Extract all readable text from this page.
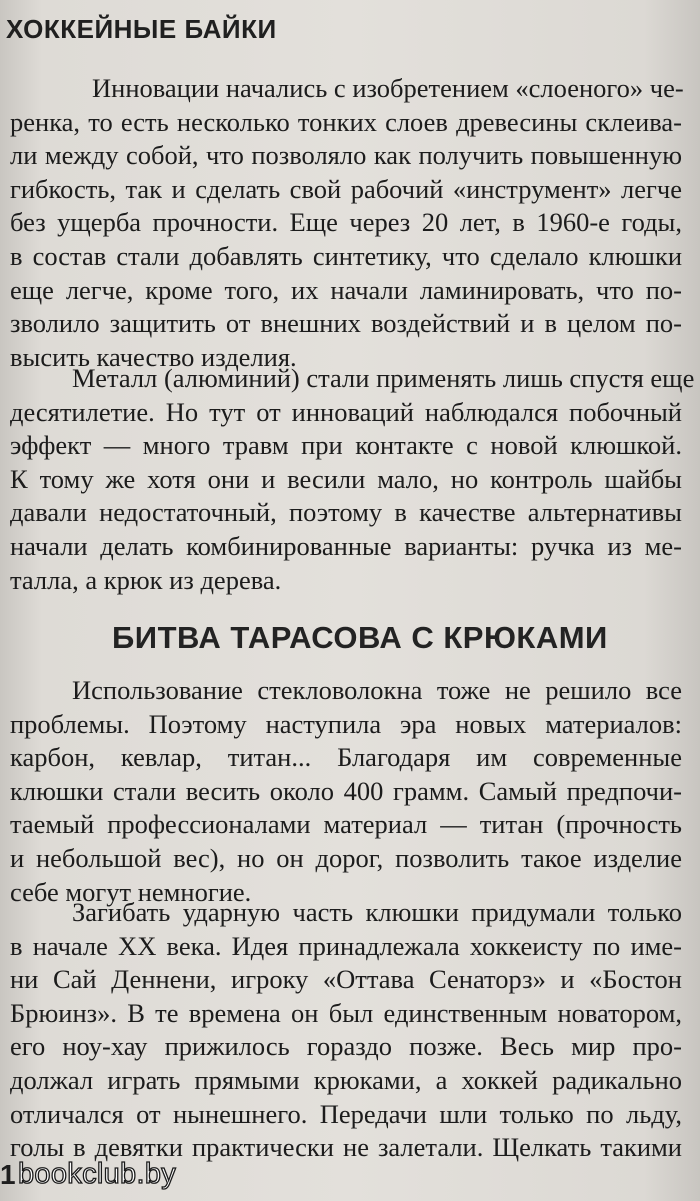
ХОККЕЙНЫЕ БАЙКИ
Инновации начались с изобретением «слоеного» че-
ренка, то есть несколько тонких слоев древесины склеива-
ли между собой, что позволяло как получить повышенную
гибкость, так и сделать свой рабочий «инструмент» легче
без ущерба прочности. Еще через 20 лет, в 1960-е годы,
в состав стали добавлять синтетику, что сделало клюшки
еще легче, кроме того, их начали ламинировать, что по-
зволило защитить от внешних воздействий и в целом по-
высить качество изделия.
Металл (алюминий) стали применять лишь спустя еще
десятилетие. Но тут от инноваций наблюдался побочный
эффект — много травм при контакте с новой клюшкой.
К тому же хотя они и весили мало, но контроль шайбы
давали недостаточный, поэтому в качестве альтернативы
начали делать комбинированные варианты: ручка из ме-
талла, а крюк из дерева.
БИТВА ТАРАСОВА С КРЮКАМИ
Использование стекловолокна тоже не решило все
проблемы. Поэтому наступила эра новых материалов:
карбон, кевлар, титан... Благодаря им современные
клюшки стали весить около 400 грамм. Самый предпочи-
таемый профессионалами материал — титан (прочность
и небольшой вес), но он дорог, позволить такое изделие
себе могут немногие.
Загибать ударную часть клюшки придумали только
в начале XX века. Идея принадлежала хоккеисту по име-
ни Сай Деннени, игроку «Оттава Сенаторз» и «Бостон
Брюинз». В те времена он был единственным новатором,
его ноу-хау прижилось гораздо позже. Весь мир про-
должал играть прямыми крюками, а хоккей радикально
отличался от нынешнего. Передачи шли только по льду,
голы в девятки практически не залетали. Щелкать такими
1 bookclub.by
